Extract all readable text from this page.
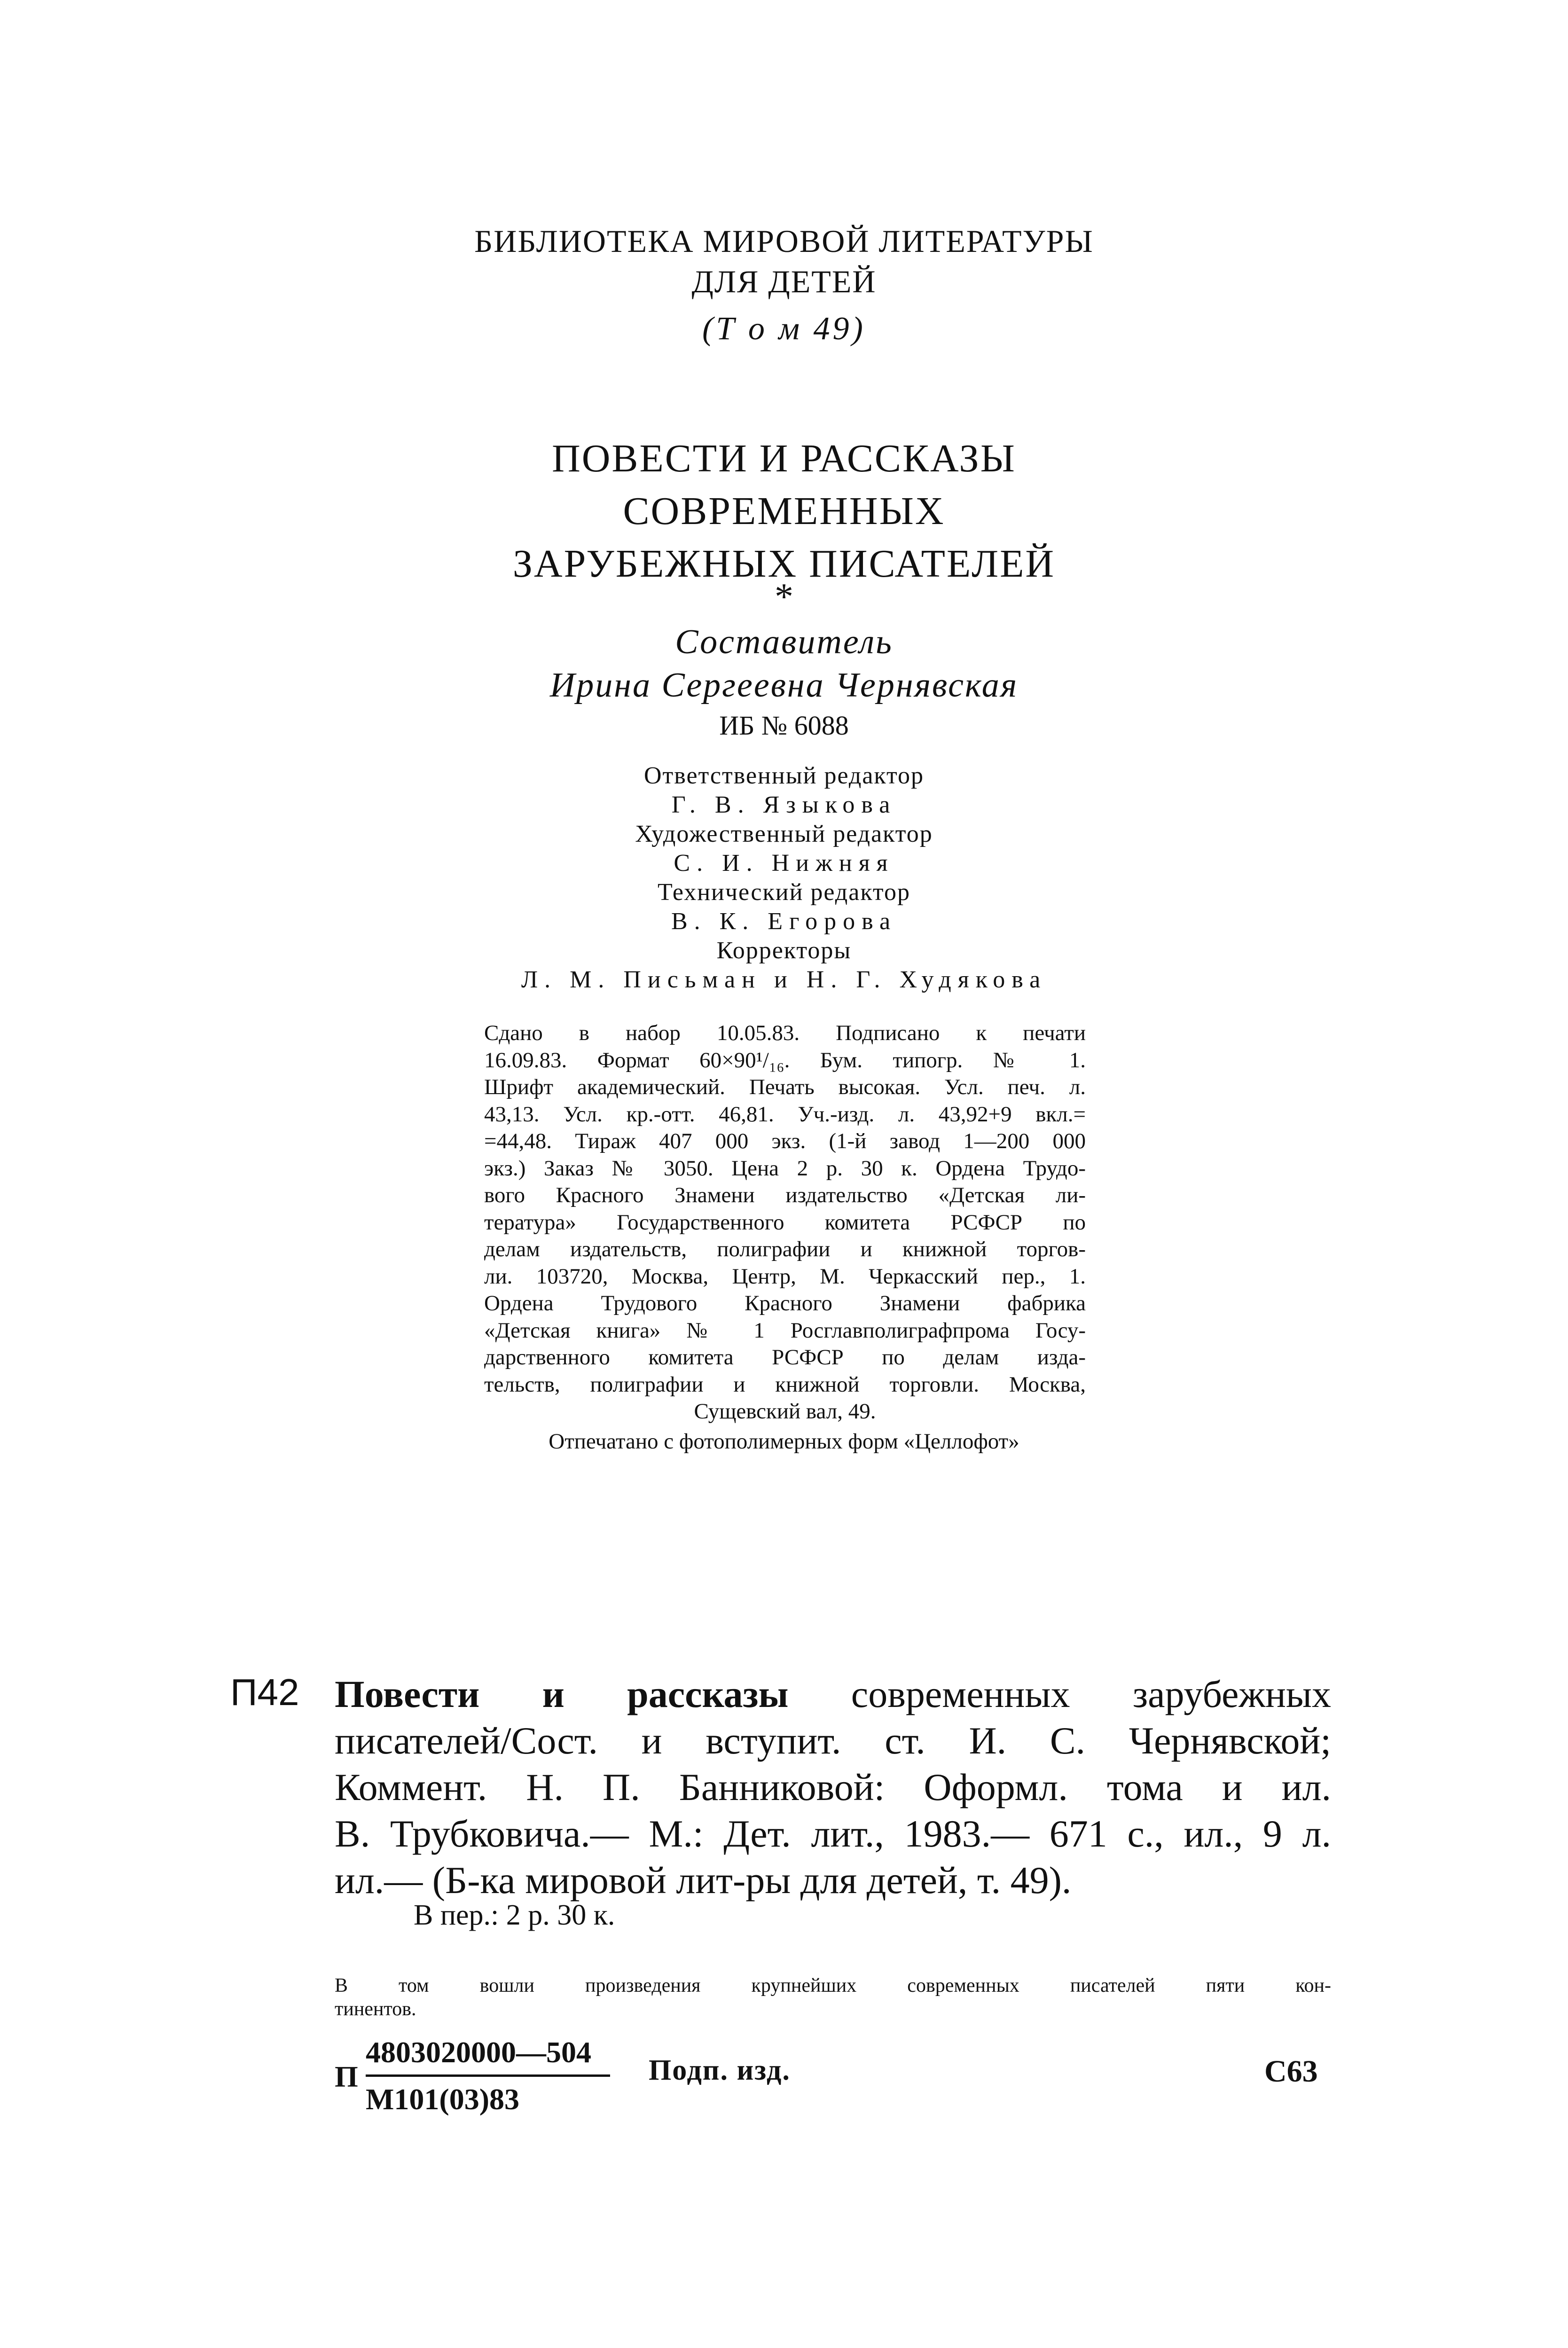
БИБЛИОТЕКА МИРОВОЙ ЛИТЕРАТУРЫ
ДЛЯ ДЕТЕЙ
(Т о м 49)
ПОВЕСТИ И РАССКАЗЫ
СОВРЕМЕННЫХ
ЗАРУБЕЖНЫХ ПИСАТЕЛЕЙ
*
Составитель
Ирина Сергеевна Чернявская
ИБ № 6088
Ответственный редактор
Г. В. Языкова
Художественный редактор
С. И. Нижняя
Технический редактор
В. К. Егорова
Корректоры
Л. М. Письман и Н. Г. Худякова
Сдано в набор 10.05.83. Подписано к печати
16.09.83. Формат 60×90¹/₁₆. Бум. типогр. № 1.
Шрифт академический. Печать высокая. Усл. печ. л.
43,13. Усл. кр.-отт. 46,81. Уч.-изд. л. 43,92+9 вкл.=
=44,48. Тираж 407 000 экз. (1-й завод 1—200 000
экз.) Заказ № 3050. Цена 2 р. 30 к. Ордена Трудо-
вого Красного Знамени издательство «Детская ли-
тература» Государственного комитета РСФСР по
делам издательств, полиграфии и книжной торгов-
ли. 103720, Москва, Центр, М. Черкасский пер., 1.
Ордена Трудового Красного Знамени фабрика
«Детская книга» № 1 Росглавполиграфпрома Госу-
дарственного комитета РСФСР по делам изда-
тельств, полиграфии и книжной торговли. Москва,
Сущевский вал, 49.
Отпечатано с фотополимерных форм «Целлофот»
П42 Повести и рассказы современных зарубежных
писателей/Сост. и вступит. ст. И. С. Чернявской;
Коммент. Н. П. Банниковой: Оформл. тома и ил.
В. Трубковича.— М.: Дет. лит., 1983.— 671 с., ил., 9 л.
ил.— (Б-ка мировой лит-ры для детей, т. 49).
В пер.: 2 р. 30 к.
В том вошли произведения крупнейших современных писателей пяти кон-
тинентов.
П
4803020000—504
М101(03)83
Подп. изд.	С63
